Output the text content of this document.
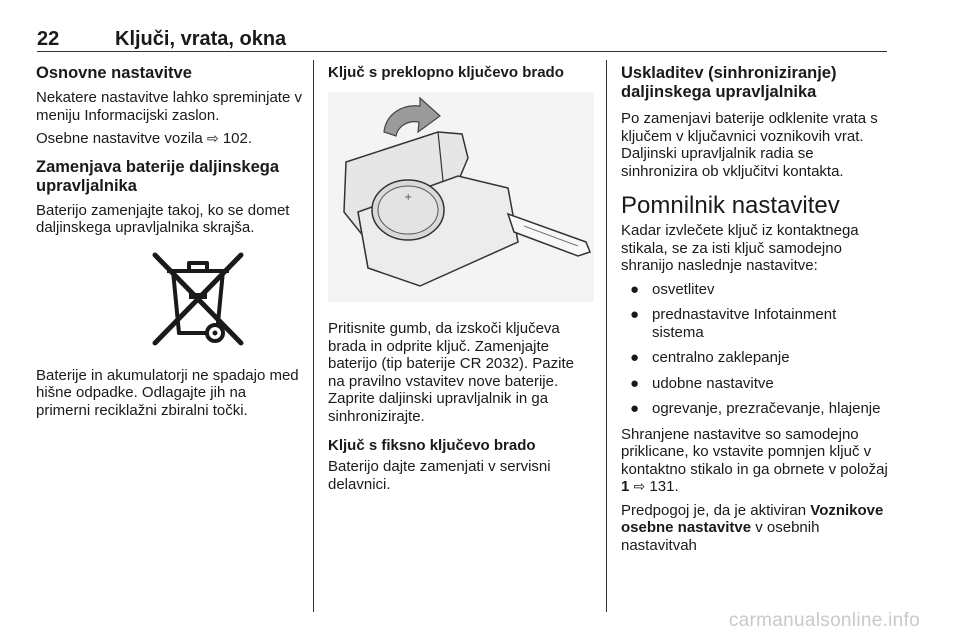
22	Ključi, vrata, okna
Osnovne nastavitve

Nekatere nastavitve lahko spreminjate v meniju Informacijski zaslon.

Osebne nastavitve vozila ⇨ 102.

Zamenjava baterije daljinskega upravljalnika

Baterijo zamenjajte takoj, ko se domet daljinskega upravljalnika skrajša.

Baterije in akumulatorji ne spadajo med hišne odpadke. Odlagajte jih na primerni reciklažni zbiralni točki.

Ključ s preklopno ključevo brado
+

Pritisnite gumb, da izskoči ključeva brada in odprite ključ. Zamenjajte baterijo (tip baterije CR 2032). Pazite na pravilno vstavitev nove baterije. Zaprite daljinski upravljalnik in ga sinhronizirajte.

Ključ s fiksno ključevo brado

Baterijo dajte zamenjati v servisni delavnici.

Uskladitev (sinhroniziranje) daljinskega upravljalnika

Po zamenjavi baterije odklenite vrata s ključem v ključavnici voznikovih vrat. Daljinski upravljalnik radia se sinhronizira ob vključitvi kontakta.

Pomnilnik nastavitev

Kadar izvlečete ključ iz kontaktnega stikala, se za isti ključ samodejno shranijo naslednje nastavitve:

● osvetlitev
● prednastavitve Infotainment sistema
● centralno zaklepanje
● udobne nastavitve
● ogrevanje, prezračevanje, hlajenje

Shranjene nastavitve so samodejno priklicane, ko vstavite pomnjen ključ v kontaktno stikalo in ga obrnete v položaj 1 ⇨ 131.

Predpogoj je, da je aktiviran Voznikove osebne nastavitve v osebnih nastavitvah

carmanualsonline.info
